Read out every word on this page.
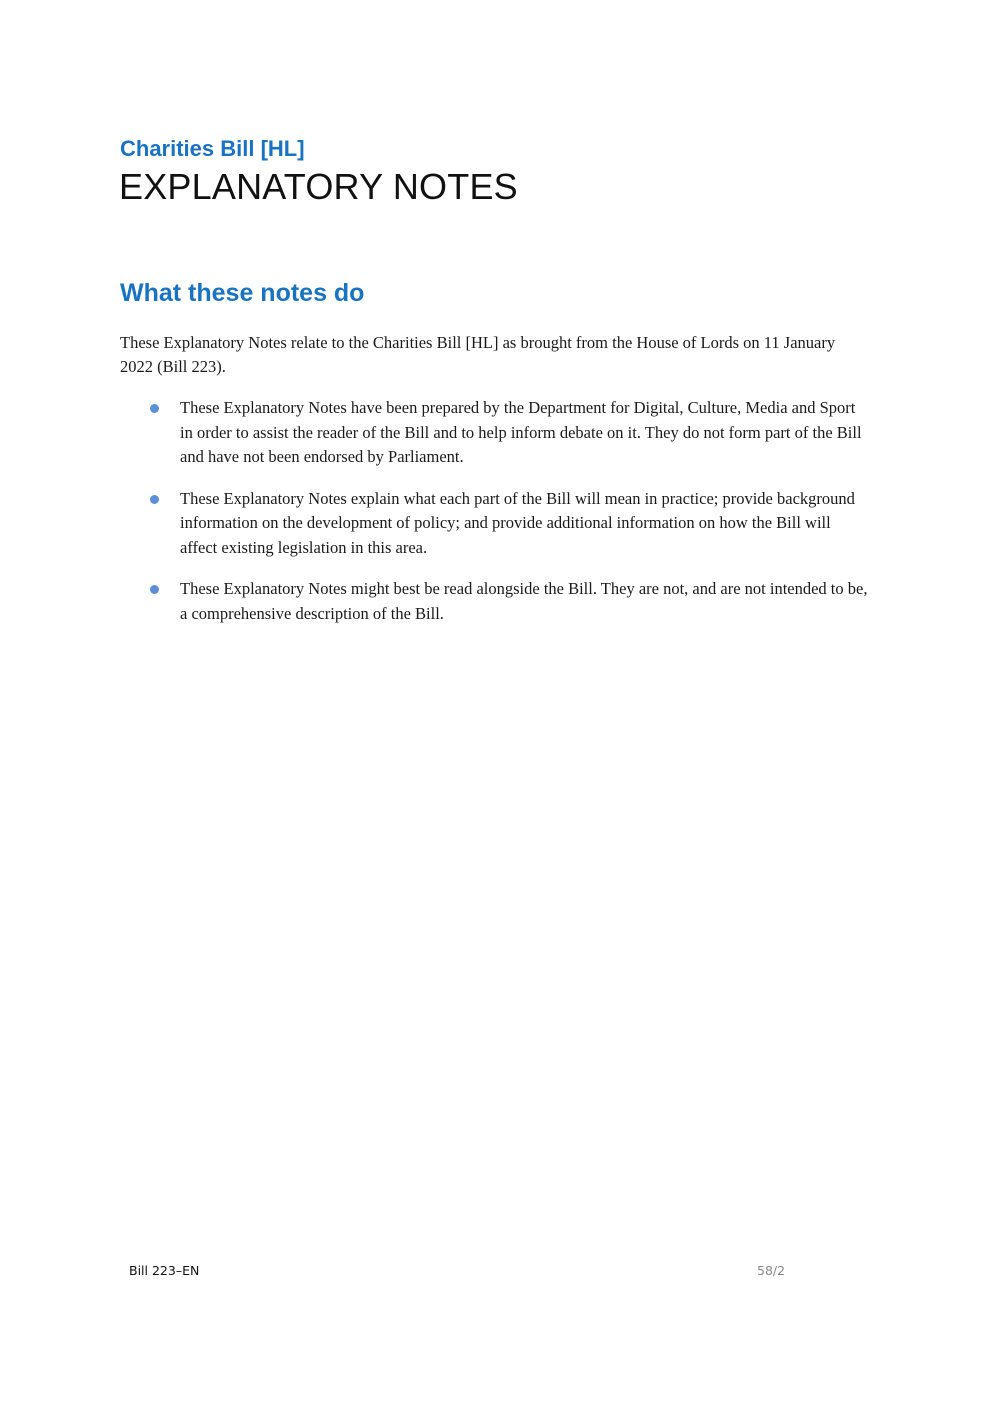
Charities Bill [HL]
EXPLANATORY NOTES
What these notes do

These Explanatory Notes relate to the Charities Bill [HL] as brought from the House of Lords on 11 January 2022 (Bill 223).

These Explanatory Notes have been prepared by the Department for Digital, Culture, Media and Sport in order to assist the reader of the Bill and to help inform debate on it. They do not form part of the Bill and have not been endorsed by Parliament.
These Explanatory Notes explain what each part of the Bill will mean in practice; provide background information on the development of policy; and provide additional information on how the Bill will affect existing legislation in this area.
These Explanatory Notes might best be read alongside the Bill. They are not, and are not intended to be, a comprehensive description of the Bill.

Bill 223–EN	58/2
